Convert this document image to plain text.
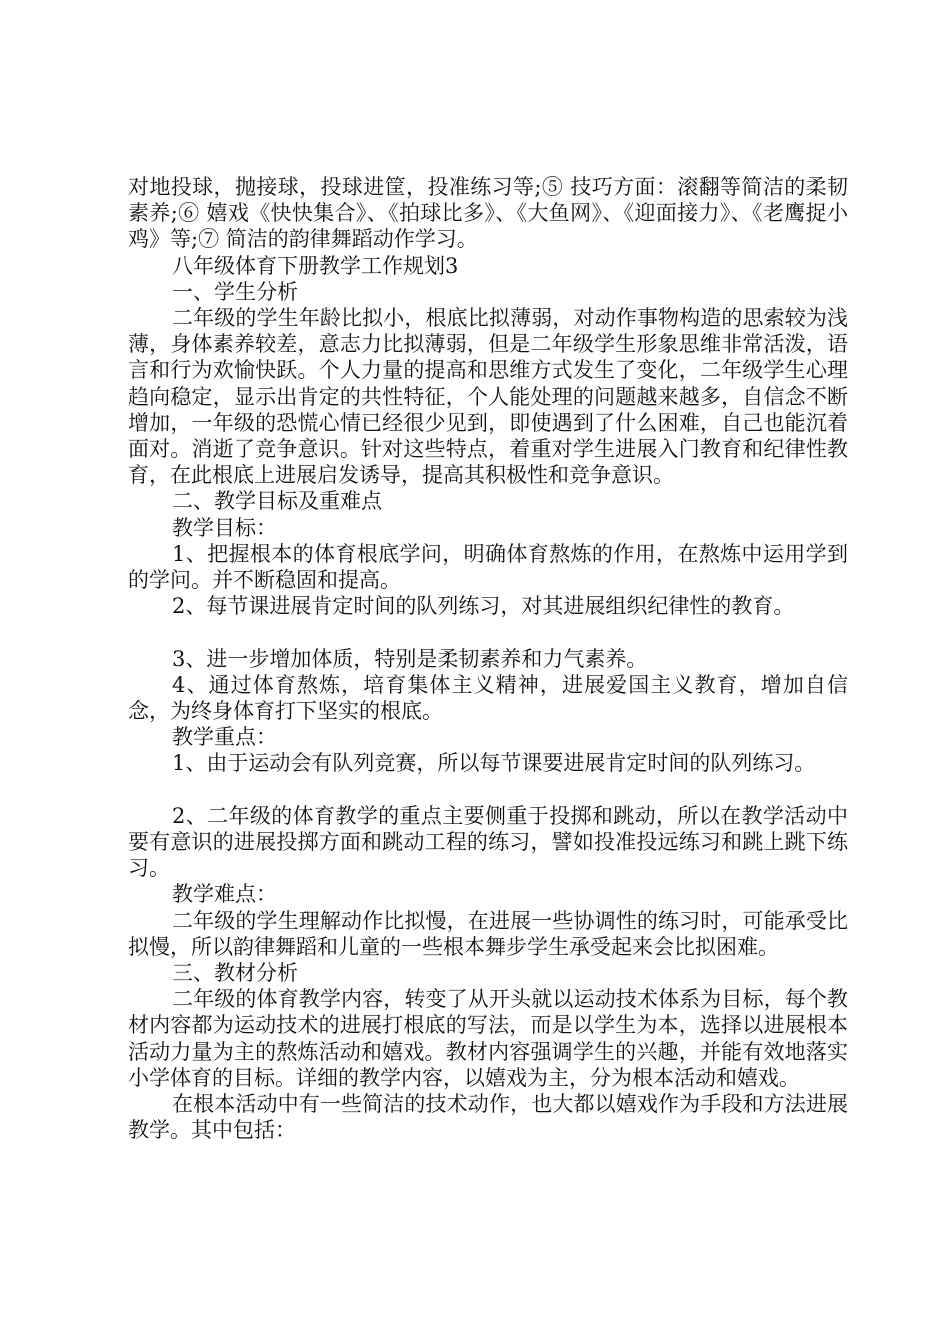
对地投球，抛接球，投球进筐，投准练习等;⑤ 技巧方面：滚翻等简洁的柔韧素养;⑥ 嬉戏《快快集合》、《拍球比多》、《大鱼网》、《迎面接力》、《老鹰捉小鸡》等;⑦ 简洁的韵律舞蹈动作学习。

八年级体育下册教学工作规划3

一、学生分析

二年级的学生年龄比拟小，根底比拟薄弱，对动作事物构造的思索较为浅薄，身体素养较差，意志力比拟薄弱，但是二年级学生形象思维非常活泼，语言和行为欢愉快跃。个人力量的提高和思维方式发生了变化，二年级学生心理趋向稳定，显示出肯定的共性特征，个人能处理的问题越来越多，自信念不断增加，一年级的恐慌心情已经很少见到，即使遇到了什么困难，自己也能沉着面对。消逝了竞争意识。针对这些特点，着重对学生进展入门教育和纪律性教育，在此根底上进展启发诱导，提高其积极性和竞争意识。

二、教学目标及重难点

教学目标：

1、把握根本的体育根底学问，明确体育熬炼的作用，在熬炼中运用学到的学问。并不断稳固和提高。

2、每节课进展肯定时间的队列练习，对其进展组织纪律性的教育。

3、进一步增加体质，特别是柔韧素养和力气素养。

4、通过体育熬炼，培育集体主义精神，进展爱国主义教育，增加自信念，为终身体育打下坚实的根底。

教学重点：

1、由于运动会有队列竞赛，所以每节课要进展肯定时间的队列练习。

2、二年级的体育教学的重点主要侧重于投掷和跳动，所以在教学活动中要有意识的进展投掷方面和跳动工程的练习，譬如投准投远练习和跳上跳下练习。

教学难点：

二年级的学生理解动作比拟慢，在进展一些协调性的练习时，可能承受比拟慢，所以韵律舞蹈和儿童的一些根本舞步学生承受起来会比拟困难。

三、教材分析

二年级的体育教学内容，转变了从开头就以运动技术体系为目标，每个教材内容都为运动技术的进展打根底的写法，而是以学生为本，选择以进展根本活动力量为主的熬炼活动和嬉戏。教材内容强调学生的兴趣，并能有效地落实小学体育的目标。详细的教学内容，以嬉戏为主，分为根本活动和嬉戏。

在根本活动中有一些简洁的技术动作，也大都以嬉戏作为手段和方法进展教学。其中包括：
